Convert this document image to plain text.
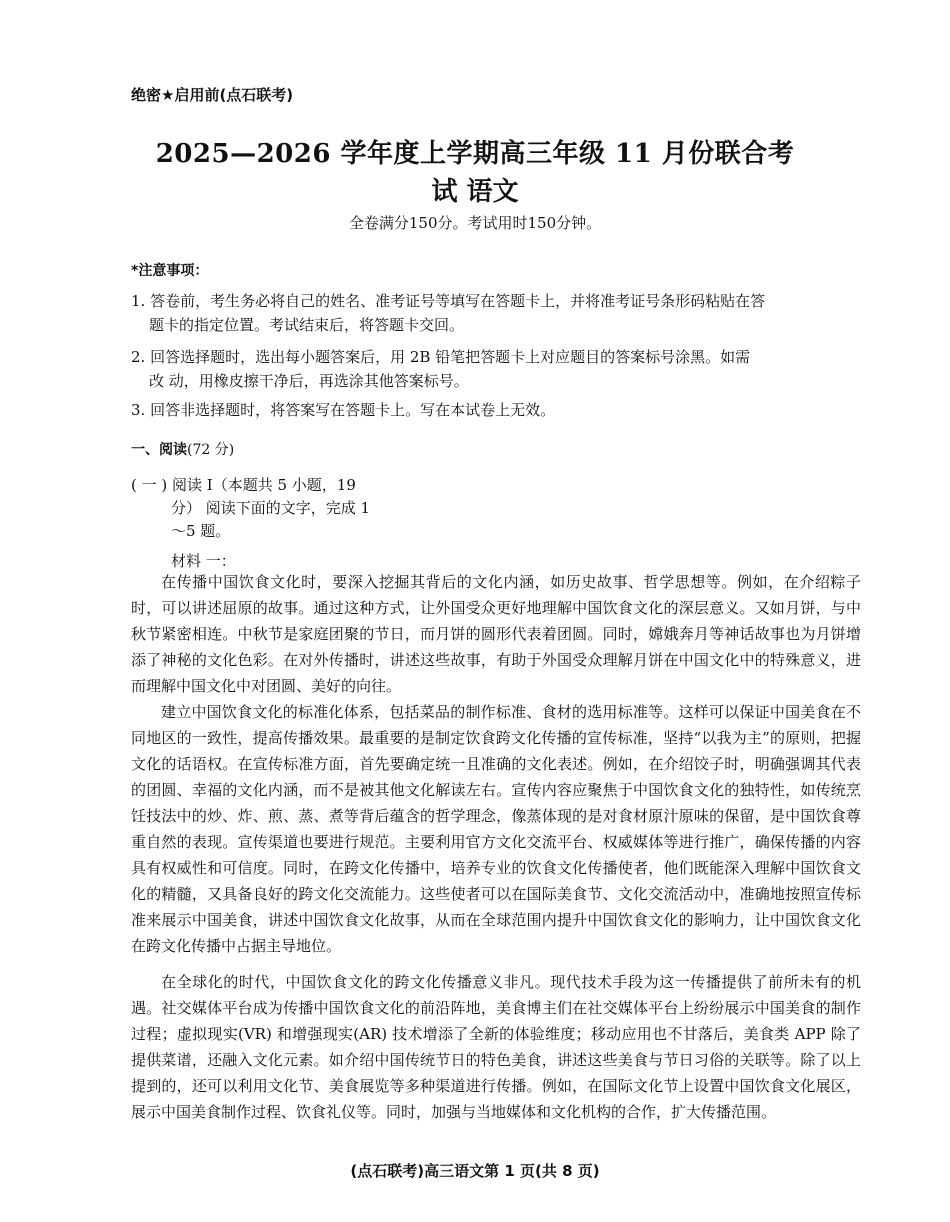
绝密★启用前(点石联考)
2025—2026 学年度上学期高三年级 11 月份联合考
试 语文
全卷满分150分。考试用时150分钟。
*注意事项：
1. 答卷前，考生务必将自己的姓名、准考证号等填写在答题卡上，并将准考证号条形码粘贴在答
题卡的指定位置。考试结束后，将答题卡交回。
2. 回答选择题时，选出每小题答案后，用 2B 铅笔把答题卡上对应题目的答案标号涂黑。如需
改 动，用橡皮擦干净后，再选涂其他答案标号。
3. 回答非选择题时，将答案写在答题卡上。写在本试卷上无效。
一、阅读(72 分)
( 一 ) 阅读 I（本题共 5 小题，19
分） 阅读下面的文字，完成 1
～5 题。
材料 一：

在传播中国饮食文化时，要深入挖掘其背后的文化内涵，如历史故事、哲学思想等。例如，在介绍粽子时，可以讲述屈原的故事。通过这种方式，让外国受众更好地理解中国饮食文化的深层意义。又如月饼，与中秋节紧密相连。中秋节是家庭团聚的节日，而月饼的圆形代表着团圆。同时，嫦娥奔月等神话故事也为月饼增添了神秘的文化色彩。在对外传播时，讲述这些故事，有助于外国受众理解月饼在中国文化中的特殊意义，进而理解中国文化中对团圆、美好的向往。

建立中国饮食文化的标准化体系，包括菜品的制作标准、食材的选用标准等。这样可以保证中国美食在不同地区的一致性，提高传播效果。最重要的是制定饮食跨文化传播的宣传标准，坚持“以我为主”的原则，把握文化的话语权。在宣传标准方面，首先要确定统一且准确的文化表述。例如，在介绍饺子时，明确强调其代表的团圆、幸福的文化内涵，而不是被其他文化解读左右。宣传内容应聚焦于中国饮食文化的独特性，如传统烹饪技法中的炒、炸、煎、蒸、煮等背后蕴含的哲学理念，像蒸体现的是对食材原汁原味的保留，是中国饮食尊重自然的表现。宣传渠道也要进行规范。主要利用官方文化交流平台、权威媒体等进行推广，确保传播的内容具有权威性和可信度。同时，在跨文化传播中，培养专业的饮食文化传播使者，他们既能深入理解中国饮食文化的精髓，又具备良好的跨文化交流能力。这些使者可以在国际美食节、文化交流活动中，准确地按照宣传标准来展示中国美食，讲述中国饮食文化故事，从而在全球范围内提升中国饮食文化的影响力，让中国饮食文化在跨文化传播中占据主导地位。

在全球化的时代，中国饮食文化的跨文化传播意义非凡。现代技术手段为这一传播提供了前所未有的机遇。社交媒体平台成为传播中国饮食文化的前沿阵地，美食博主们在社交媒体平台上纷纷展示中国美食的制作过程；虚拟现实(VR) 和增强现实(AR) 技术增添了全新的体验维度；移动应用也不甘落后，美食类 APP 除了提供菜谱，还融入文化元素。如介绍中国传统节日的特色美食，讲述这些美食与节日习俗的关联等。除了以上提到的，还可以利用文化节、美食展览等多种渠道进行传播。例如，在国际文化节上设置中国饮食文化展区，展示中国美食制作过程、饮食礼仪等。同时，加强与当地媒体和文化机构的合作，扩大传播范围。

(点石联考)高三语文第 1 页(共 8 页)
